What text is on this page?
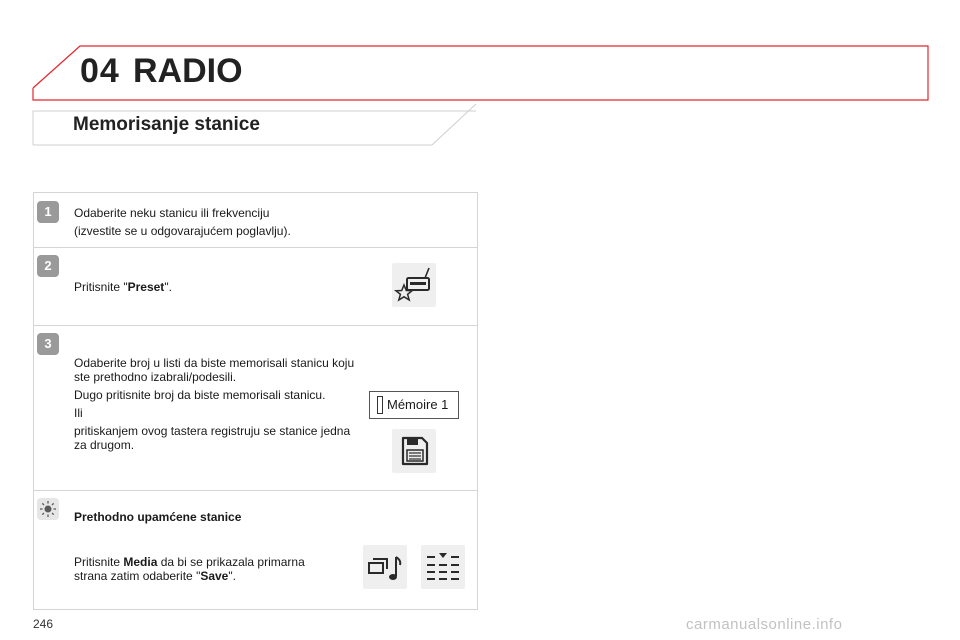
04 RADIO
Memorisanje stanice
1	Odaberite neku stanicu ili frekvenciju

(izvestite se u odgovarajućem poglavlju).

2
Pritisnite "Preset".
3

Odaberite broj u listi da biste memorisali stanicu koju ste prethodno izabrali/podesili.

Dugo pritisnite broj da biste memorisali stanicu.

Ili

pritiskanjem ovog tastera registruju se stanice jedna za drugom.

Mémoire 1
Prethodno upamćene stanice
Pritisnite Media da bi se prikazala primarna strana zatim odaberite "Save".
246	carmanualsonline.info
